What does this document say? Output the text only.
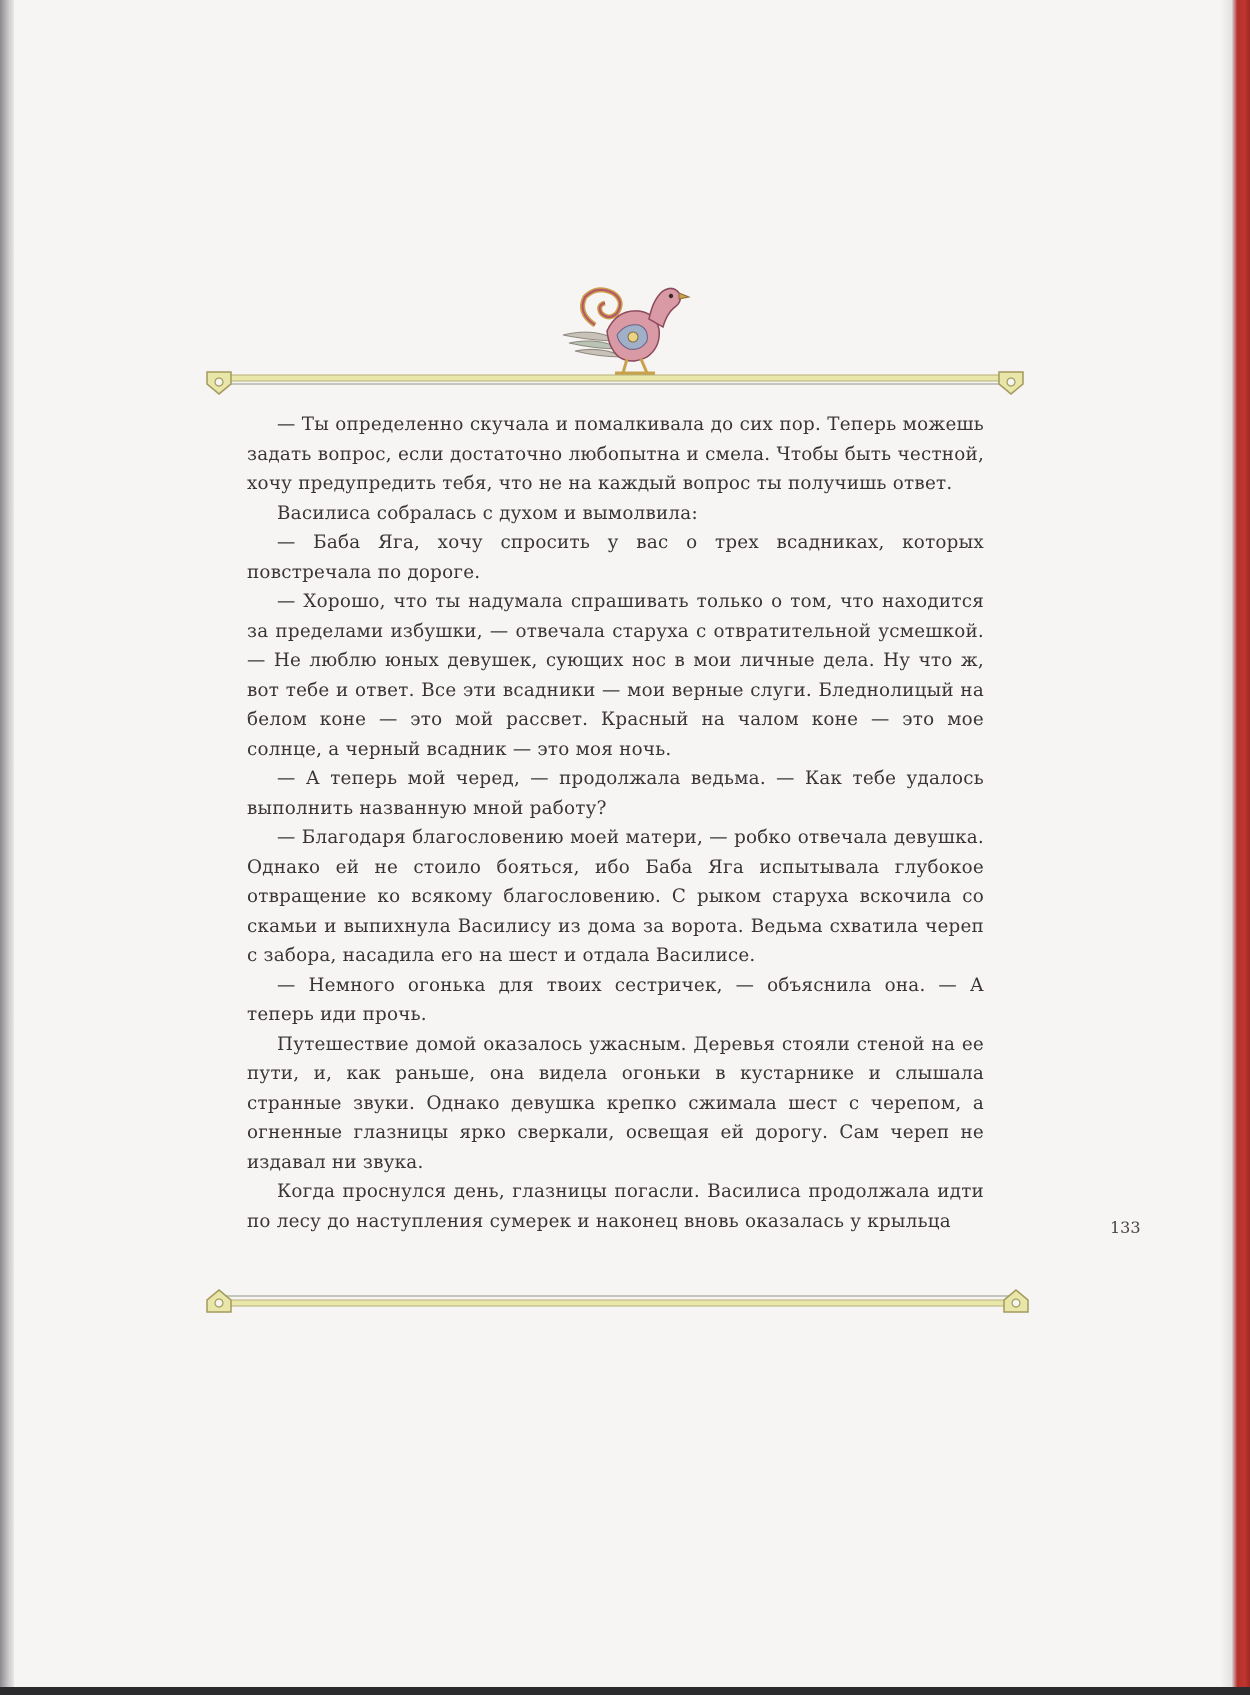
— Ты определенно скучала и помалкивала до сих пор. Теперь можешь задать вопрос, если достаточно любопытна и смела. Чтобы быть честной, хочу предупредить тебя, что не на каждый вопрос ты получишь ответ.

Василиса собралась с духом и вымолвила:

— Баба Яга, хочу спросить у вас о трех всадниках, которых повстречала по дороге.

— Хорошо, что ты надумала спрашивать только о том, что находится за пределами избушки, — отвечала старуха с отвратительной усмешкой. — Не люблю юных девушек, сующих нос в мои личные дела. Ну что ж, вот тебе и ответ. Все эти всадники — мои верные слуги. Бледнолицый на белом коне — это мой рассвет. Красный на чалом коне — это мое солнце, а черный всадник — это моя ночь.

— А теперь мой черед, — продолжала ведьма. — Как тебе удалось выполнить названную мной работу?

— Благодаря благословению моей матери, — робко отвечала девушка. Однако ей не стоило бояться, ибо Баба Яга испытывала глубокое отвращение ко всякому благословению. С рыком старуха вскочила со скамьи и выпихнула Василису из дома за ворота. Ведьма схватила череп с забора, насадила его на шест и отдала Василисе.

— Немного огонька для твоих сестричек, — объяснила она. — А теперь иди прочь.

Путешествие домой оказалось ужасным. Деревья стояли стеной на ее пути, и, как раньше, она видела огоньки в кустарнике и слышала странные звуки. Однако девушка крепко сжимала шест с черепом, а огненные глазницы ярко сверкали, освещая ей дорогу. Сам череп не издавал ни звука.

Когда проснулся день, глазницы погасли. Василиса продолжала идти по лесу до наступления сумерек и наконец вновь оказалась у крыльца	133
